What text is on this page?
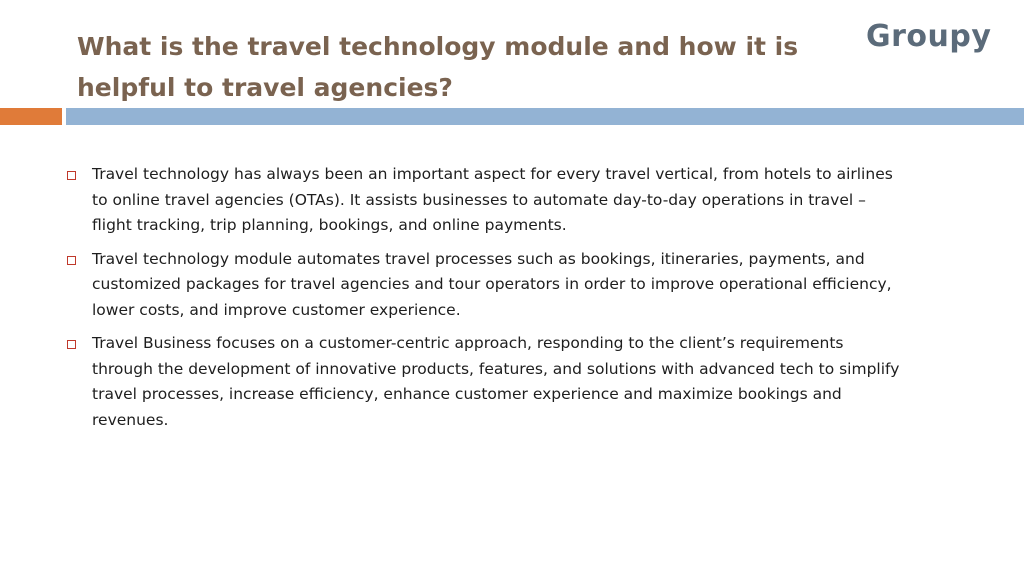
What is the travel technology module and how it is helpful to travel agencies?
Groupy
Travel technology has always been an important aspect for every travel vertical, from hotels to airlines to online travel agencies (OTAs). It assists businesses to automate day-to-day operations in travel – flight tracking, trip planning, bookings, and online payments.
Travel technology module automates travel processes such as bookings, itineraries, payments, and customized packages for travel agencies and tour operators in order to improve operational efficiency, lower costs, and improve customer experience.
Travel Business focuses on a customer-centric approach, responding to the client’s requirements through the development of innovative products, features, and solutions with advanced tech to simplify travel processes, increase efficiency, enhance customer experience and maximize bookings and revenues.
